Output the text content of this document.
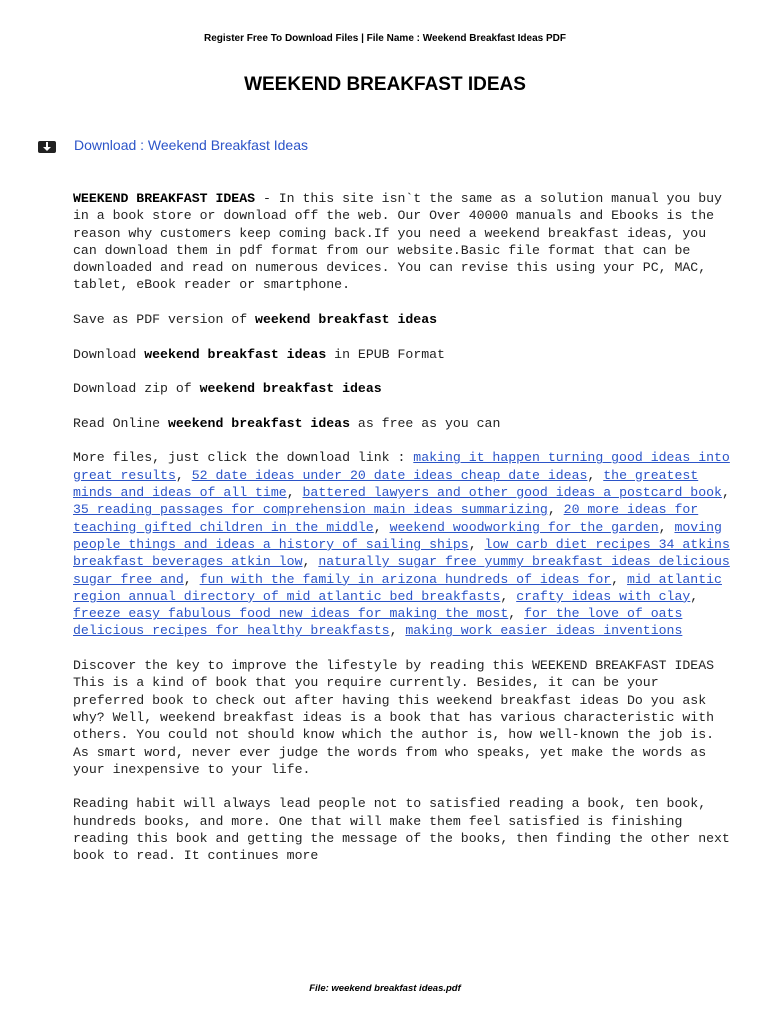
Register Free To Download Files | File Name : Weekend Breakfast Ideas PDF
WEEKEND BREAKFAST IDEAS
Download : Weekend Breakfast Ideas

WEEKEND BREAKFAST IDEAS - In this site isn`t the same as a solution manual you buy in a book store or download off the web. Our Over 40000 manuals and Ebooks is the reason why customers keep coming back.If you need a weekend breakfast ideas, you can download them in pdf format from our website.Basic file format that can be downloaded and read on numerous devices. You can revise this using your PC, MAC, tablet, eBook reader or smartphone.

Save as PDF version of weekend breakfast ideas

Download weekend breakfast ideas in EPUB Format

Download zip of weekend breakfast ideas

Read Online weekend breakfast ideas as free as you can

More files, just click the download link : making it happen turning good ideas into great results, 52 date ideas under 20 date ideas cheap date ideas, the greatest minds and ideas of all time, battered lawyers and other good ideas a postcard book, 35 reading passages for comprehension main ideas summarizing, 20 more ideas for teaching gifted children in the middle, weekend woodworking for the garden, moving people things and ideas a history of sailing ships, low carb diet recipes 34 atkins breakfast beverages atkin low, naturally sugar free yummy breakfast ideas delicious sugar free and, fun with the family in arizona hundreds of ideas for, mid atlantic region annual directory of mid atlantic bed breakfasts, crafty ideas with clay, freeze easy fabulous food new ideas for making the most, for the love of oats delicious recipes for healthy breakfasts, making work easier ideas inventions

Discover the key to improve the lifestyle by reading this WEEKEND BREAKFAST IDEAS This is a kind of book that you require currently. Besides, it can be your preferred book to check out after having this weekend breakfast ideas Do you ask why? Well, weekend breakfast ideas is a book that has various characteristic with others. You could not should know which the author is, how well-known the job is. As smart word, never ever judge the words from who speaks, yet make the words as your inexpensive to your life.

Reading habit will always lead people not to satisfied reading a book, ten book, hundreds books, and more. One that will make them feel satisfied is finishing reading this book and getting the message of the books, then finding the other next book to read. It continues more

File: weekend breakfast ideas.pdf
